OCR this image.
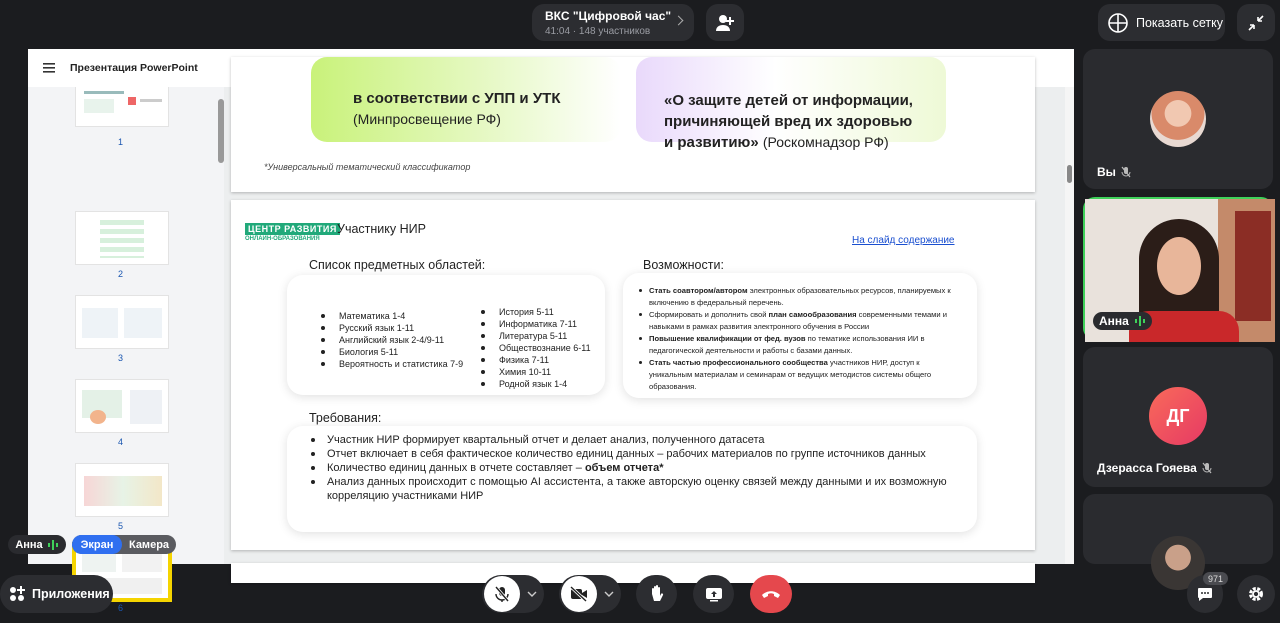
ВКС "Цифровой час"
41:04 · 148 участников
Показать сетку
Презентация PowerPoint
1
2
3
4
5
6
в соответствии с УПП и УТК
(Минпросвещение РФ)
«О защите детей от информации,
причиняющей вред их здоровью
и развитию» (Роскомнадзор РФ)
*Универсальный тематический классификатор
ЦЕНТР РАЗВИТИЯ
ОНЛАЙН-ОБРАЗОВАНИЯ
Участнику НИР
На слайд содержание
Список предметных областей:
Математика 1-4
Русский язык 1-11
Английский язык 2-4/9-11
Биология 5-11
Вероятность и статистика 7-9
История 5-11
Информатика 7-11
Литература 5-11
Обществознание 6-11
Физика 7-11
Химия 10-11
Родной язык 1-4
Возможности:
Стать соавтором/автором электронных образовательных ресурсов, планируемых к включению в федеральный перечень.
Сформировать и дополнить свой план самообразования современными темами и навыками в рамках развития электронного обучения в России
Повышение квалификации от фед. вузов по тематике использования ИИ в педагогической деятельности и работы с базами данных.
Стать частью профессионального сообщества участников НИР, доступ к уникальным материалам и семинарам от ведущих методистов системы общего образования.
Требования:
Участник НИР формирует квартальный отчет и делает анализ, полученного датасета
Отчет включает в себя фактическое количество единиц данных – рабочих материалов по группе источников данных
Количество единиц данных в отчете составляет – объем отчета*
Анализ данных происходит с помощью AI ассистента, а также авторскую оценку связей между данными и их возможную корреляцию участниками НИР
Анна	Экран	Камера
Вы
Анна
ДГ
Дзерасса Гояева
Приложения
971
